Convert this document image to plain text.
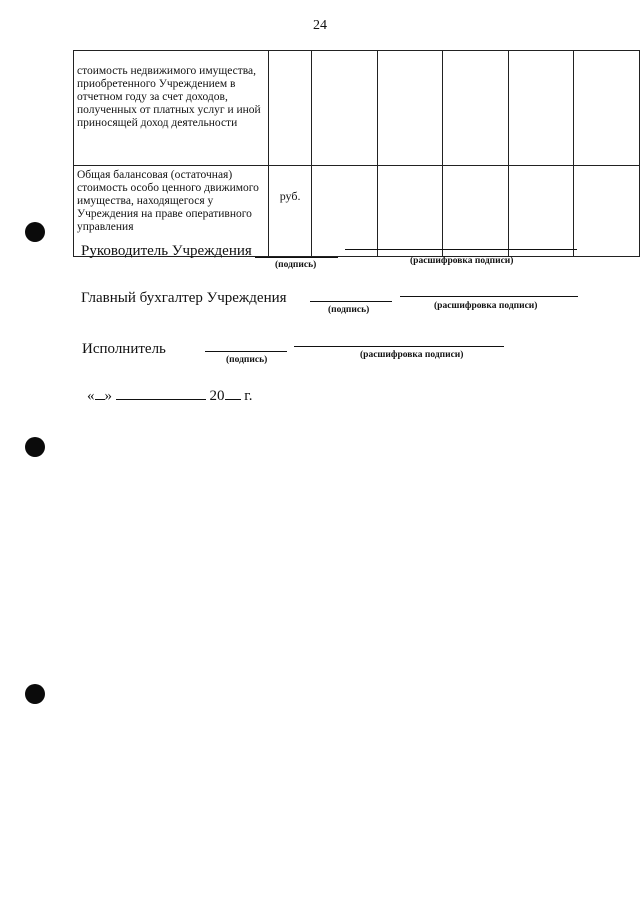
24
стоимость недвижимого имущества, приобретенного Учреждением в отчетном году за счет доходов, полученных от платных услуг и иной приносящей доход деятельности						
Общая балансовая (остаточная) стоимость особо ценного движимого имущества, находящегося у Учреждения на праве оперативного управления	руб.					
Руководитель Учреждения
(подпись)	(расшифровка подписи)
Главный бухгалтер Учреждения
(подпись)	(расшифровка подписи)
Исполнитель
(подпись)	(расшифровка подписи)
« »	20 г.
